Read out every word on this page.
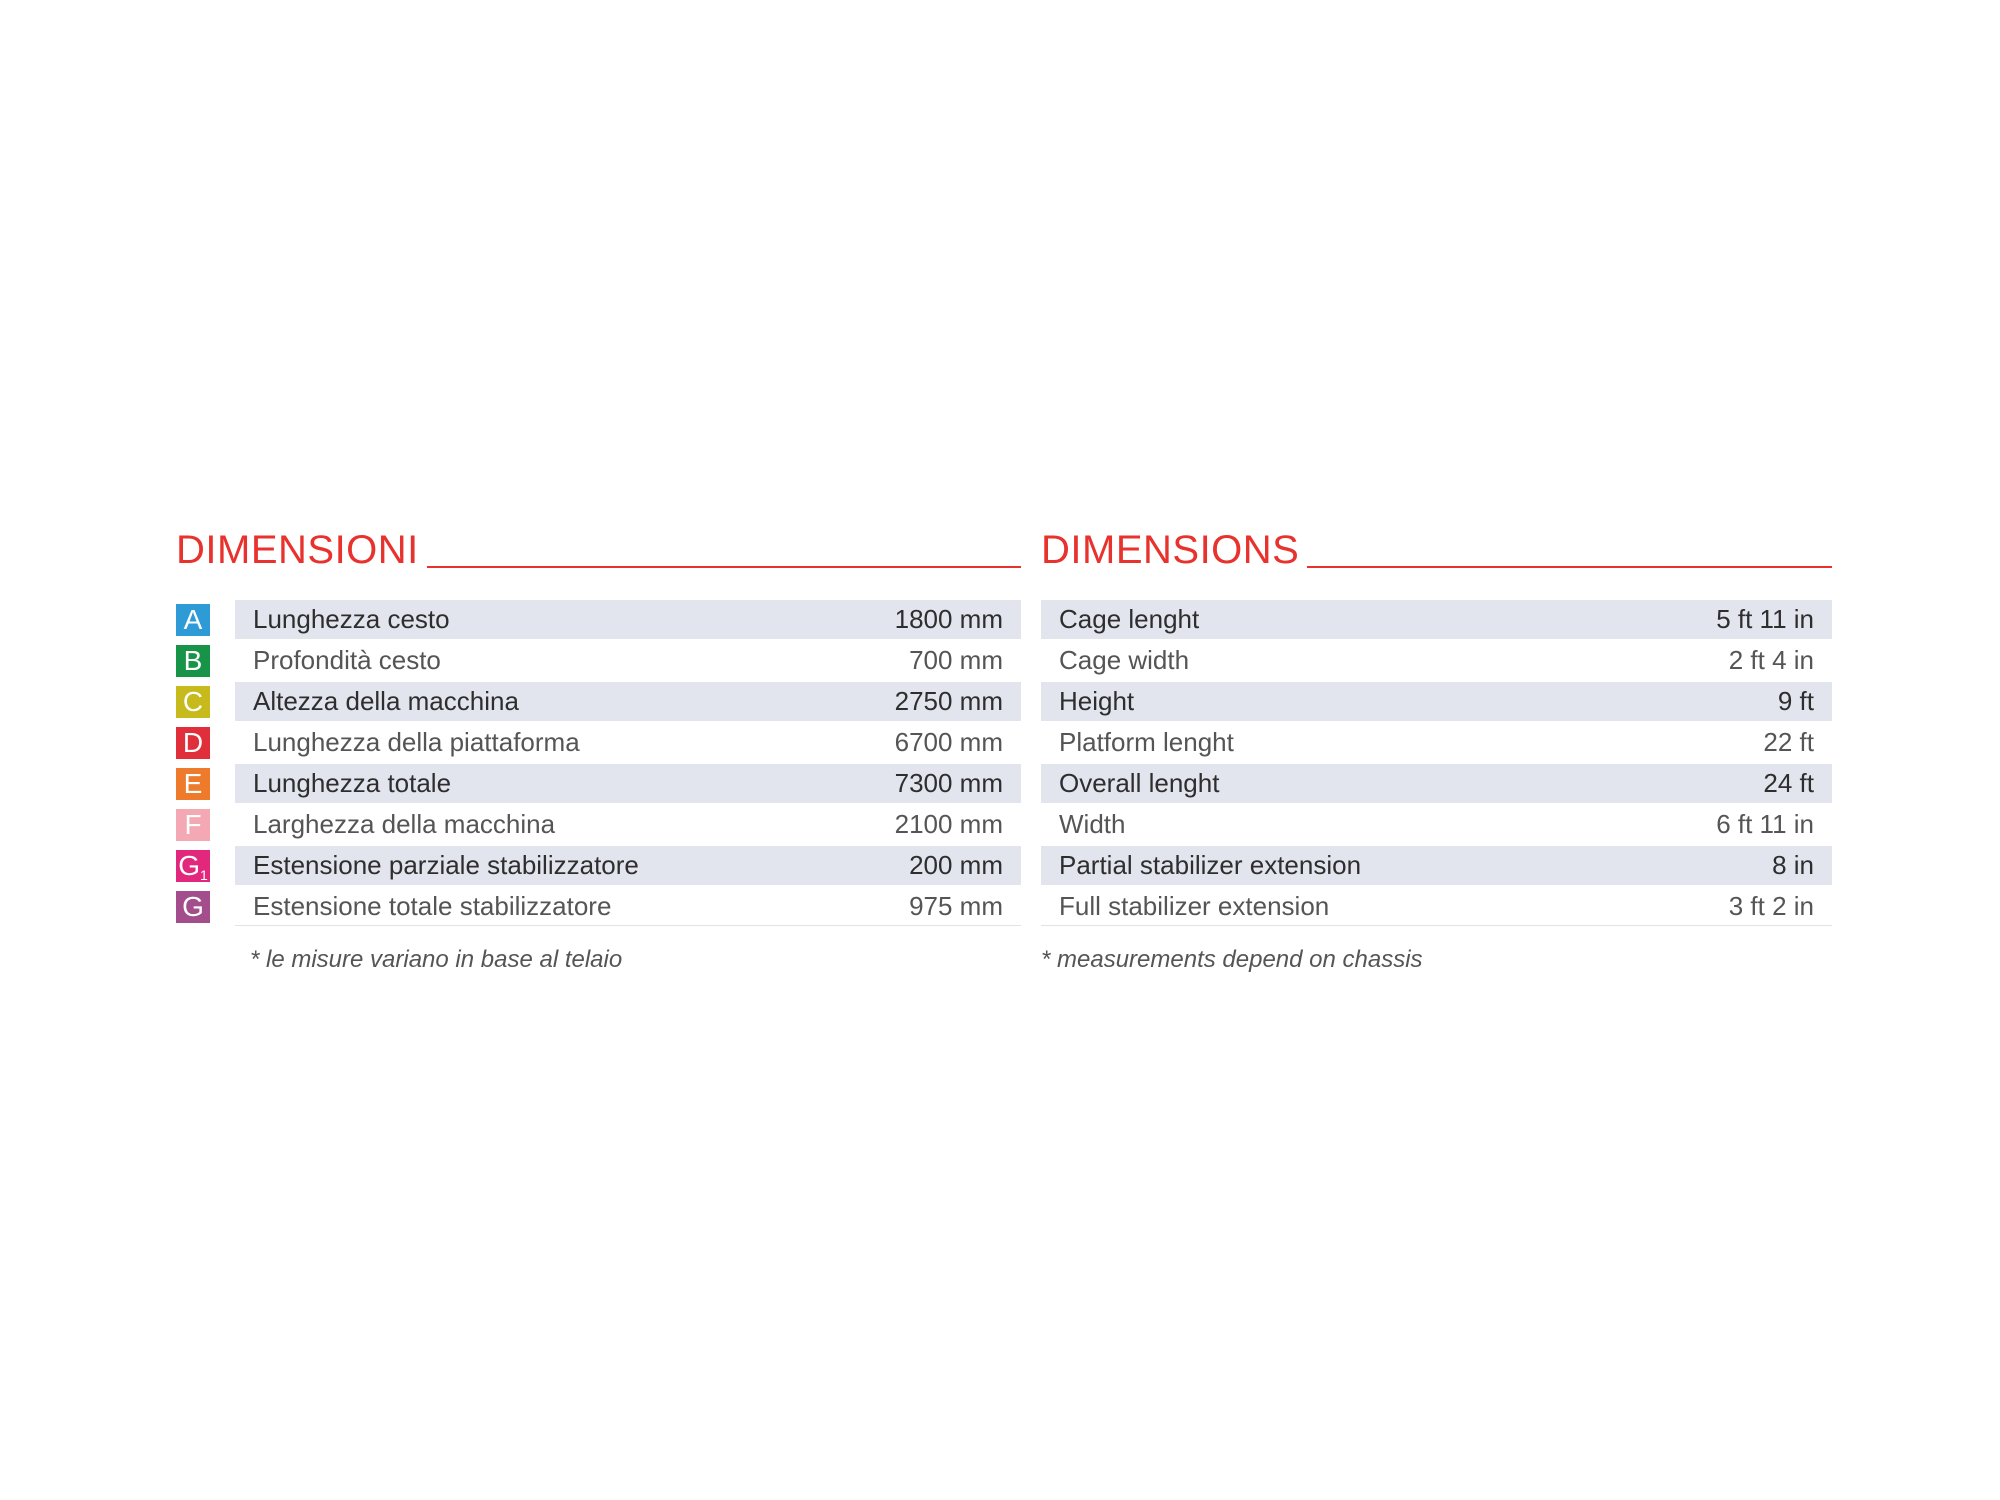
DIMENSIONI
A Lunghezza cesto	1800 mm
B Profondità cesto	700 mm
C Altezza della macchina	2750 mm
D Lunghezza della piattaforma	6700 mm
E Lunghezza totale	7300 mm
F	Larghezza della macchina	2100 mm
$G_1$ Estensione parziale stabilizzatore	200 mm
G Estensione totale stabilizzatore	975 mm
* le misure variano in base al telaio
DIMENSIONS
Cage lenght	5 ft 11 in
Cage width	2 ft 4 in
Height	9 ft
Platform lenght	22 ft
Overall lenght	24 ft
Width	6 ft 11 in
Partial stabilizer extension	8 in
Full stabilizer extension	3 ft 2 in
* measurements depend on chassis
